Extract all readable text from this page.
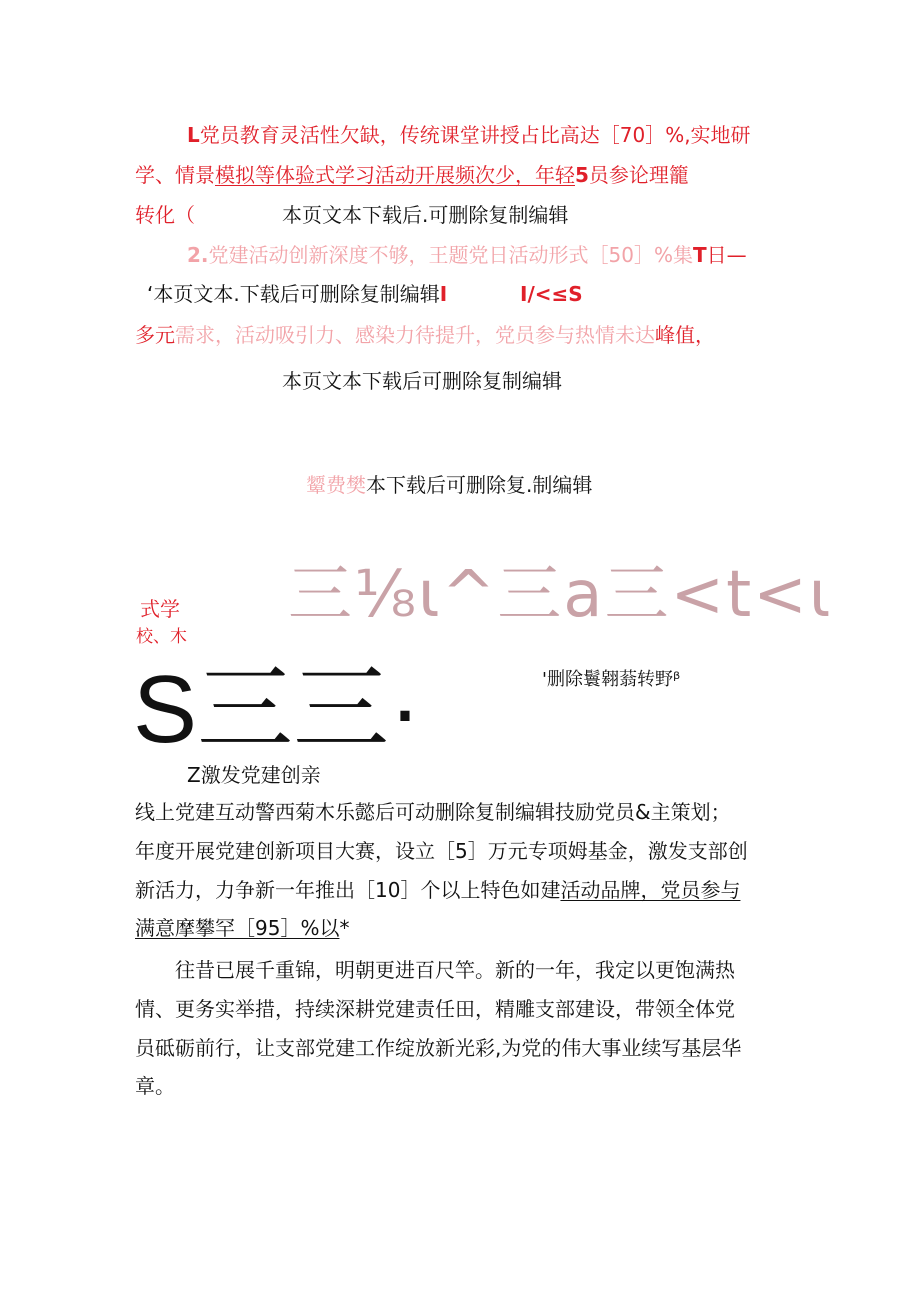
L党员教育灵活性欠缺，传统课堂讲授占比高达［70］%,实地研
学、情景模拟等体验式学习活动开展频次少，年轻5员参论理籠
转化（	本页文本下载后.可删除复制编辑
2.党建活动创新深度不够，王题党日活动形式［50］%集T日—
‘本页文本.下载后可删除复制编辑I	I/<≤S
多元需求，活动吸引力、感染力待提升，党员参与热情未达峰值，
本页文本下载后可删除复制编辑
颦费樊本下载后可删除复.制编辑
三⅛ι^三a三<t<ι
式学
校、木
S三三·	'删除鬟翱蓊转野ᵝ
Z激发党建创亲
线上党建互动警西菊木乐懿后可动删除复制编辑技励党员&主策划；
年度开展党建创新项目大赛，设立［5］万元专项姆基金，激发支部创
新活力，力争新一年推出［10］个以上特色如建活动品牌，党员参与
满意摩攀罕［95］%以*
往昔已展千重锦，明朝更进百尺竿。新的一年，我定以更饱满热
情、更务实举措，持续深耕党建责任田，精雕支部建设，带领全体党
员砥砺前行，让支部党建工作绽放新光彩,为党的伟大事业续写基层华
章。
